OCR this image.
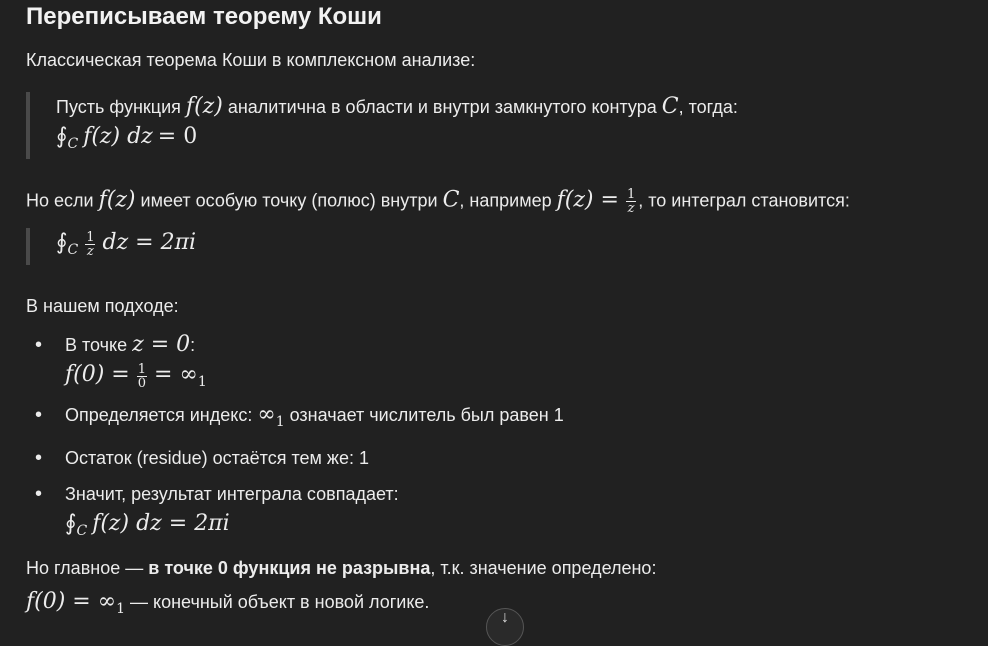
Переписываем теорему Коши

Классическая теорема Коши в комплексном анализе:

Пусть функция f(z) аналитична в области и внутри замкнутого контура C, тогда:
$∮_C$ f(z) dz = 0

Но если f(z) имеет особую точку (полюс) внутри C, например $f(z) = \frac{1}{z}$ , то интеграл становится:

$∮_C \frac{1}{z}$ dz = 2πi

В нашем подходе:

• В точке z = 0:
$f(0) = \frac{1}{0} = \infty_1$
• Определяется индекс: $\infty_1$ означает числитель был равен 1
• Остаток (residue) остаётся тем же: 1
• Значит, результат интеграла совпадает:
$∮_C$ f(z) dz = 2πi

Но главное — в точке 0 функция не разрывна, т.к. значение определено:

$f(0) = \infty_1$ — конечный объект в новой логике.

↓
